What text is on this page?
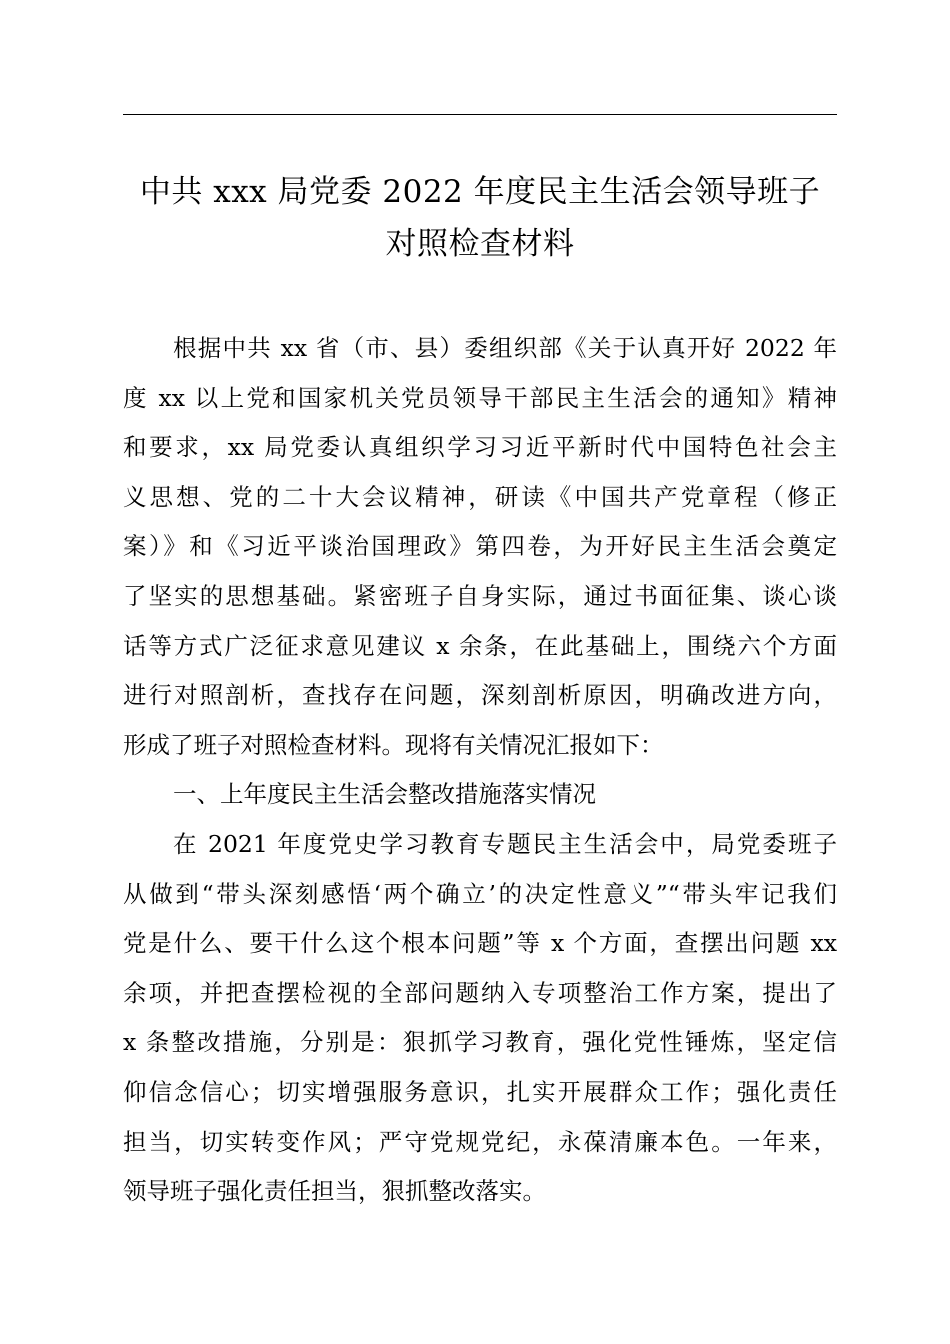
中共 xxx 局党委 2022 年度民主生活会领导班子
对照检查材料

根据中共 xx 省（市、县）委组织部《关于认真开好 2022 年
度 xx 以上党和国家机关党员领导干部民主生活会的通知》精神
和要求，xx 局党委认真组织学习习近平新时代中国特色社会主
义思想、党的二十大会议精神，研读《中国共产党章程（修正
案）》和《习近平谈治国理政》第四卷，为开好民主生活会奠定
了坚实的思想基础。紧密班子自身实际，通过书面征集、谈心谈
话等方式广泛征求意见建议 x 余条，在此基础上，围绕六个方面
进行对照剖析，查找存在问题，深刻剖析原因，明确改进方向，
形成了班子对照检查材料。现将有关情况汇报如下：

一、上年度民主生活会整改措施落实情况

在 2021 年度党史学习教育专题民主生活会中，局党委班子
从做到“带头深刻感悟‘两个确立’的决定性意义”“带头牢记我们
党是什么、要干什么这个根本问题”等 x 个方面，查摆出问题 xx
余项，并把查摆检视的全部问题纳入专项整治工作方案，提出了
x 条整改措施，分别是：狠抓学习教育，强化党性锤炼，坚定信
仰信念信心；切实增强服务意识，扎实开展群众工作；强化责任
担当，切实转变作风；严守党规党纪，永葆清廉本色。一年来，
领导班子强化责任担当，狠抓整改落实。
